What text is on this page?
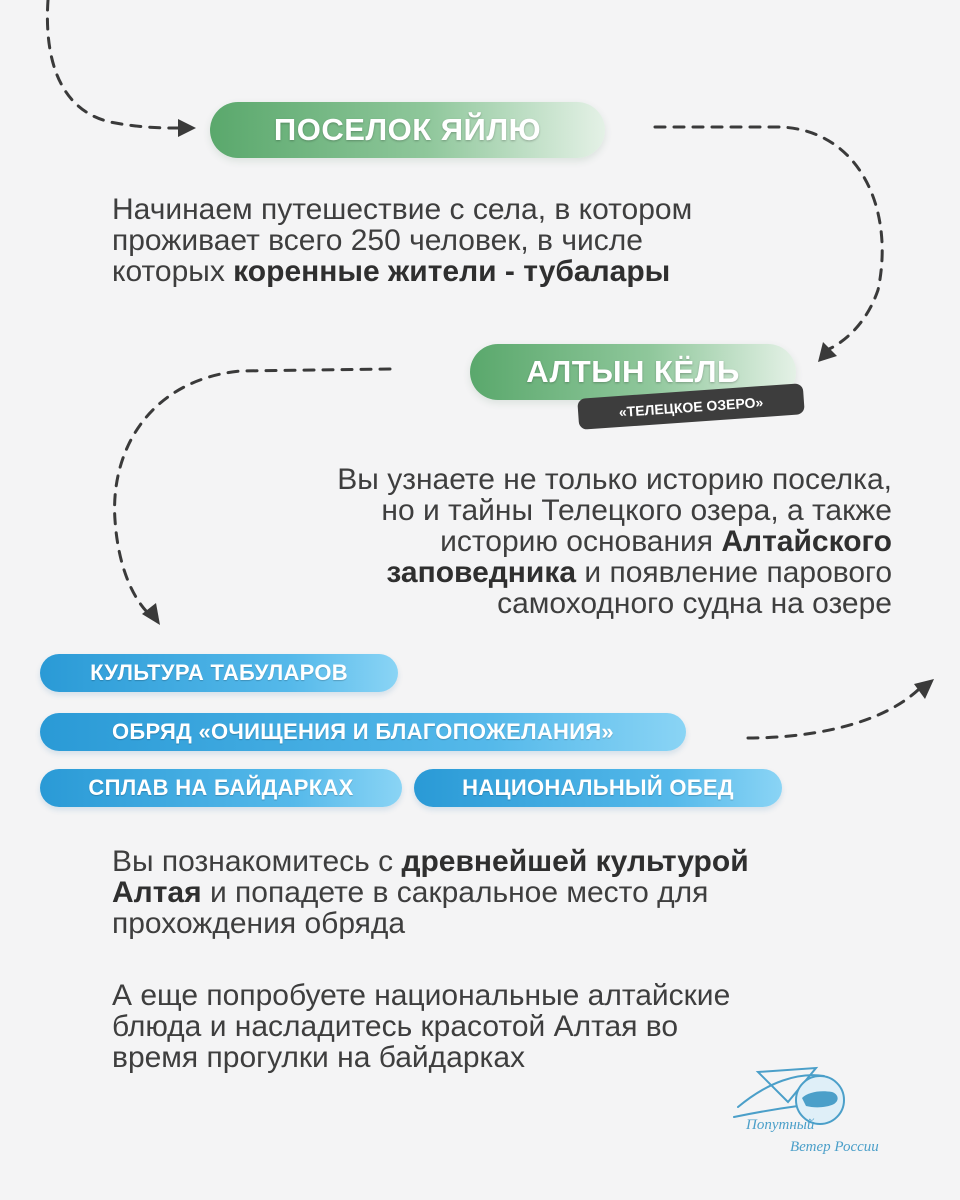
ПОСЕЛОК ЯЙЛЮ
Начинаем путешествие с села, в котором
проживает всего 250 человек, в числе
которых коренные жители - тубалары
АЛТЫН КЁЛЬ
«ТЕЛЕЦКОЕ ОЗЕРО»
Вы узнаете не только историю поселка,
но и тайны Телецкого озера, а также
историю основания Алтайского
заповедника и появление парового
самоходного судна на озере
КУЛЬТУРА ТАБУЛАРОВ
ОБРЯД «ОЧИЩЕНИЯ И БЛАГОПОЖЕЛАНИЯ»
СПЛАВ НА БАЙДАРКАХ	НАЦИОНАЛЬНЫЙ ОБЕД
Вы познакомитесь с древнейшей культурой
Алтая и попадете в сакральное место для
прохождения обряда
А еще попробуете национальные алтайские
блюда и насладитесь красотой Алтая во
время прогулки на байдарках
Попутный
Ветер России
